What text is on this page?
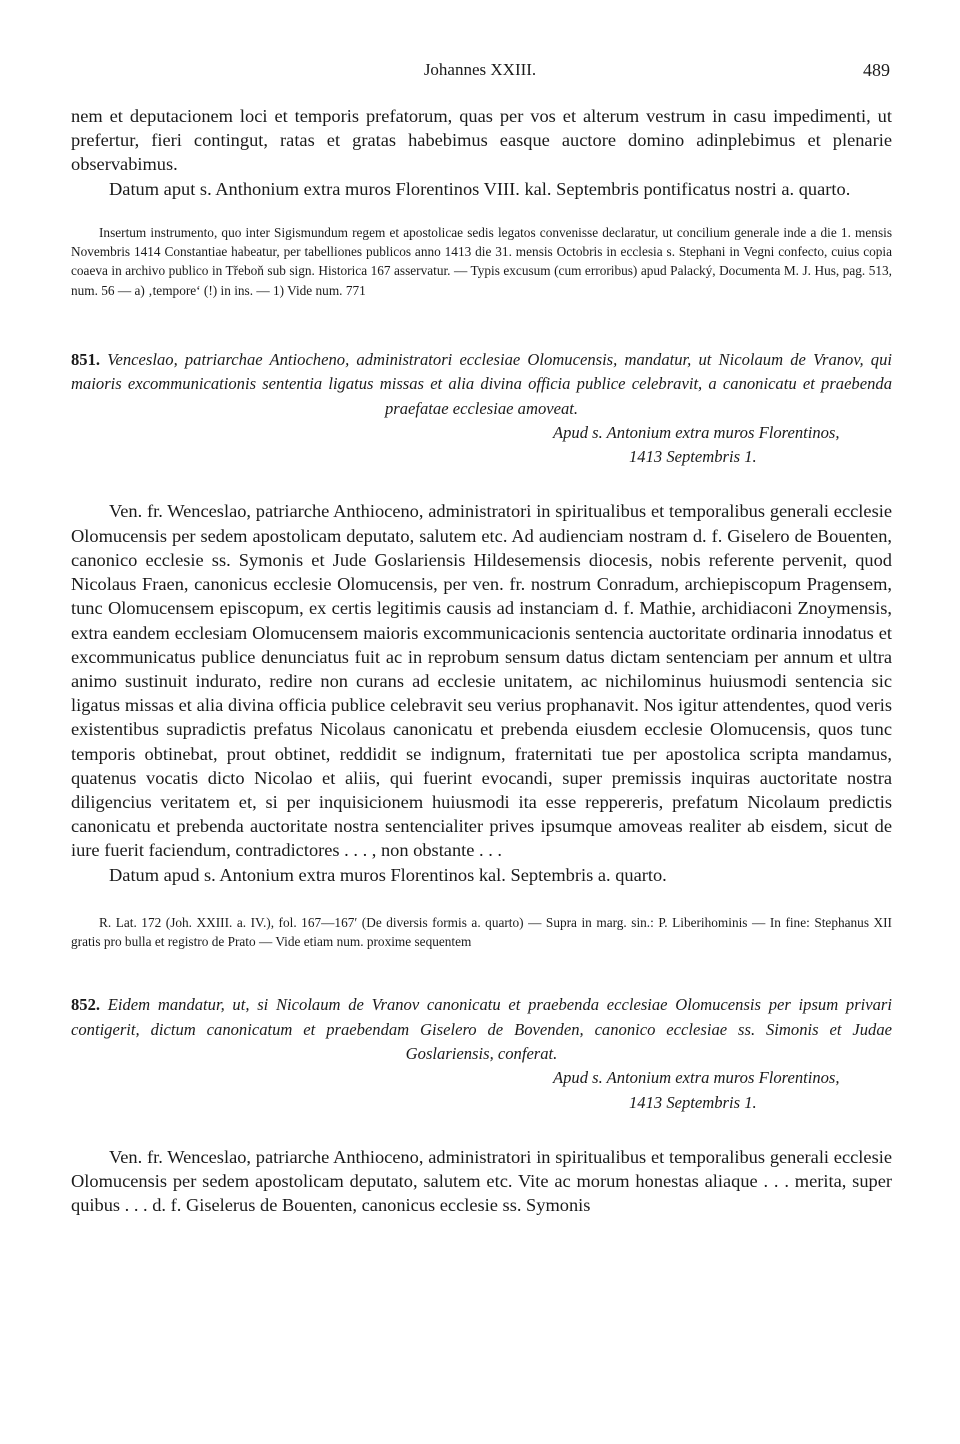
Johannes XXIII.	489

nem et deputacionem loci et temporis prefatorum, quas per vos et alterum vestrum in casu impedimenti, ut prefertur, fieri contingut, ratas et gratas habebimus easque auctore domino adinplebimus et plenarie observabimus.

Datum aput s. Anthonium extra muros Florentinos VIII. kal. Septembris pontificatus nostri a. quarto.

Insertum instrumento, quo inter Sigismundum regem et apostolicae sedis legatos convenisse declaratur, ut concilium generale inde a die 1. mensis Novembris 1414 Constantiae habeatur, per tabelliones publicos anno 1413 die 31. mensis Octobris in ecclesia s. Stephani in Vegni confecto, cuius copia coaeva in archivo publico in Třeboň sub sign. Historica 167 asservatur. — Typis excusum (cum erroribus) apud Palacký, Documenta M. J. Hus, pag. 513, num. 56 — a) ‚tempore‘ (!) in ins. — 1) Vide num. 771

851. Venceslao, patriarchae Antiocheno, administratori ecclesiae Olomucensis, mandatur, ut Nicolaum de Vranov, qui maioris excommunicationis sententia ligatus missas et alia divina officia publice celebravit, a canonicatu et praebenda praefatae ecclesiae amoveat.

Apud s. Antonium extra muros Florentinos,

1413 Septembris 1.

Ven. fr. Wenceslao, patriarche Anthioceno, administratori in spiritualibus et temporalibus generali ecclesie Olomucensis per sedem apostolicam deputato, salutem etc. Ad audienciam nostram d. f. Giselero de Bouenten, canonico ecclesie ss. Symonis et Jude Goslariensis Hildesemensis diocesis, nobis referente pervenit, quod Nicolaus Fraen, canonicus ecclesie Olomucensis, per ven. fr. nostrum Conradum, archiepiscopum Pragensem, tunc Olomucensem episcopum, ex certis legitimis causis ad instanciam d. f. Mathie, archidiaconi Znoymensis, extra eandem ecclesiam Olomucensem maioris excommunicacionis sentencia auctoritate ordinaria innodatus et excommunicatus publice denunciatus fuit ac in reprobum sensum datus dictam sentenciam per annum et ultra animo sustinuit indurato, redire non curans ad ecclesie unitatem, ac nichilominus huiusmodi sentencia sic ligatus missas et alia divina officia publice celebravit seu verius prophanavit. Nos igitur attendentes, quod veris existentibus supradictis prefatus Nicolaus canonicatu et prebenda eiusdem ecclesie Olomucensis, quos tunc temporis obtinebat, prout obtinet, reddidit se indignum, fraternitati tue per apostolica scripta mandamus, quatenus vocatis dicto Nicolao et aliis, qui fuerint evocandi, super premissis inquiras auctoritate nostra diligencius veritatem et, si per inquisicionem huiusmodi ita esse reppereris, prefatum Nicolaum predictis canonicatu et prebenda auctoritate nostra sentencialiter prives ipsumque amoveas realiter ab eisdem, sicut de iure fuerit faciendum, contradictores . . . , non obstante . . .

Datum apud s. Antonium extra muros Florentinos kal. Septembris a. quarto.

R. Lat. 172 (Joh. XXIII. a. IV.), fol. 167—167′ (De diversis formis a. quarto) — Supra in marg. sin.: P. Liberihominis — In fine: Stephanus XII gratis pro bulla et registro de Prato — Vide etiam num. proxime sequentem

852. Eidem mandatur, ut, si Nicolaum de Vranov canonicatu et praebenda ecclesiae Olomucensis per ipsum privari contigerit, dictum canonicatum et praebendam Giselero de Bovenden, canonico ecclesiae ss. Simonis et Judae Goslariensis, conferat.

Apud s. Antonium extra muros Florentinos,

1413 Septembris 1.

Ven. fr. Wenceslao, patriarche Anthioceno, administratori in spiritualibus et temporalibus generali ecclesie Olomucensis per sedem apostolicam deputato, salutem etc. Vite ac morum honestas aliaque . . . merita, super quibus . . . d. f. Giselerus de Bouenten, canonicus ecclesie ss. Symonis
